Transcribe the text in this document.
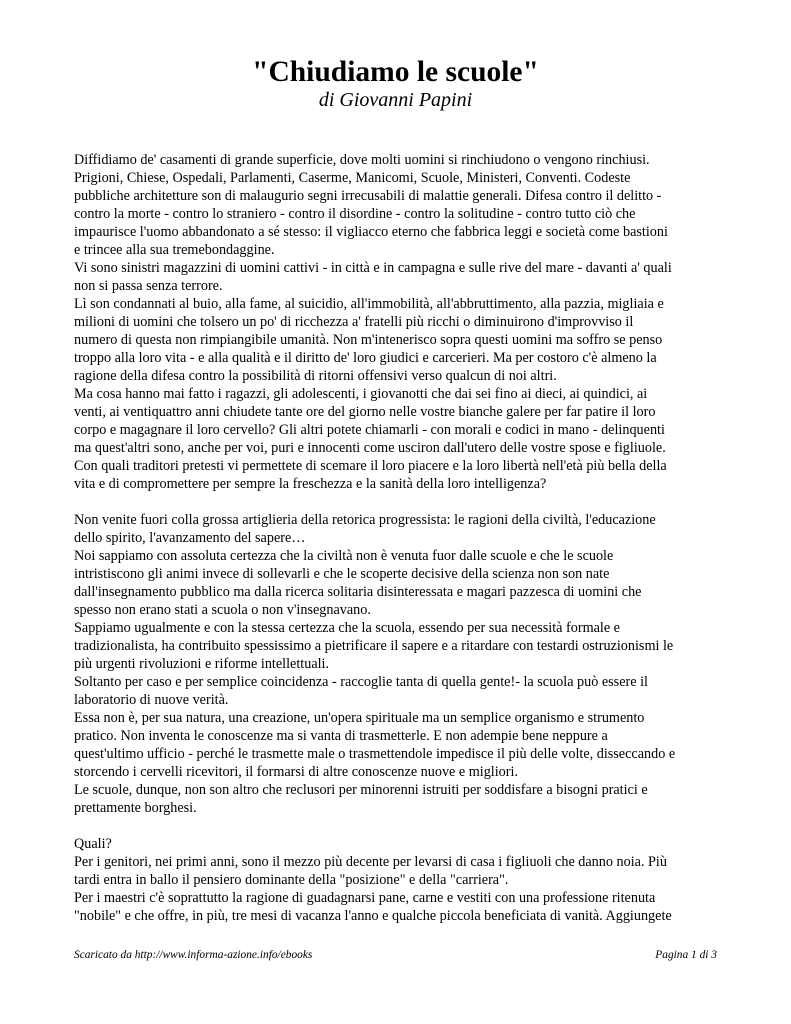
"Chiudiamo le scuole"
di Giovanni Papini
Diffidiamo de' casamenti di grande superficie, dove molti uomini si rinchiudono o vengono rinchiusi.
Prigioni, Chiese, Ospedali, Parlamenti, Caserme, Manicomi, Scuole, Ministeri, Conventi. Codeste
pubbliche architetture son di malaugurio segni irrecusabili di malattie generali. Difesa contro il delitto -
contro la morte - contro lo straniero - contro il disordine - contro la solitudine - contro tutto ciò che
impaurisce l'uomo abbandonato a sé stesso: il vigliacco eterno che fabbrica leggi e società come bastioni
e trincee alla sua tremebondaggine.
Vi sono sinistri magazzini di uomini cattivi - in città e in campagna e sulle rive del mare - davanti a' quali
non si passa senza terrore.
Lì son condannati al buio, alla fame, al suicidio, all'immobilità, all'abbruttimento, alla pazzia, migliaia e
milioni di uomini che tolsero un po' di ricchezza a' fratelli più ricchi o diminuirono d'improvviso il
numero di questa non rimpiangibile umanità. Non m'intenerisco sopra questi uomini ma soffro se penso
troppo alla loro vita - e alla qualità e il diritto de' loro giudici e carcerieri. Ma per costoro c'è almeno la
ragione della difesa contro la possibilità di ritorni offensivi verso qualcun di noi altri.
Ma cosa hanno mai fatto i ragazzi, gli adolescenti, i giovanotti che dai sei fino ai dieci, ai quindici, ai
venti, ai ventiquattro anni chiudete tante ore del giorno nelle vostre bianche galere per far patire il loro
corpo e magagnare il loro cervello? Gli altri potete chiamarli - con morali e codici in mano - delinquenti
ma quest'altri sono, anche per voi, puri e innocenti come usciron dall'utero delle vostre spose e figliuole.
Con quali traditori pretesti vi permettete di scemare il loro piacere e la loro libertà nell'età più bella della
vita e di compromettere per sempre la freschezza e la sanità della loro intelligenza?
Non venite fuori colla grossa artiglieria della retorica progressista: le ragioni della civiltà, l'educazione
dello spirito, l'avanzamento del sapere…
Noi sappiamo con assoluta certezza che la civiltà non è venuta fuor dalle scuole e che le scuole
intristiscono gli animi invece di sollevarli e che le scoperte decisive della scienza non son nate
dall'insegnamento pubblico ma dalla ricerca solitaria disinteressata e magari pazzesca di uomini che
spesso non erano stati a scuola o non v'insegnavano.
Sappiamo ugualmente e con la stessa certezza che la scuola, essendo per sua necessità formale e
tradizionalista, ha contribuito spessissimo a pietrificare il sapere e a ritardare con testardi ostruzionismi le
più urgenti rivoluzioni e riforme intellettuali.
Soltanto per caso e per semplice coincidenza - raccoglie tanta di quella gente!- la scuola può essere il
laboratorio di nuove verità.
Essa non è, per sua natura, una creazione, un'opera spirituale ma un semplice organismo e strumento
pratico. Non inventa le conoscenze ma si vanta di trasmetterle. E non adempie bene neppure a
quest'ultimo ufficio - perché le trasmette male o trasmettendole impedisce il più delle volte, disseccando e
storcendo i cervelli ricevitori, il formarsi di altre conoscenze nuove e migliori.
Le scuole, dunque, non son altro che reclusori per minorenni istruiti per soddisfare a bisogni pratici e
prettamente borghesi.
Quali?
Per i genitori, nei primi anni, sono il mezzo più decente per levarsi di casa i figliuoli che danno noia. Più
tardi entra in ballo il pensiero dominante della "posizione" e della "carriera".
Per i maestri c'è soprattutto la ragione di guadagnarsi pane, carne e vestiti con una professione ritenuta
"nobile" e che offre, in più, tre mesi di vacanza l'anno e qualche piccola beneficiata di vanità. Aggiungete
Scaricato da http://www.informa-azione.info/ebooks	Pagina 1 di 3
